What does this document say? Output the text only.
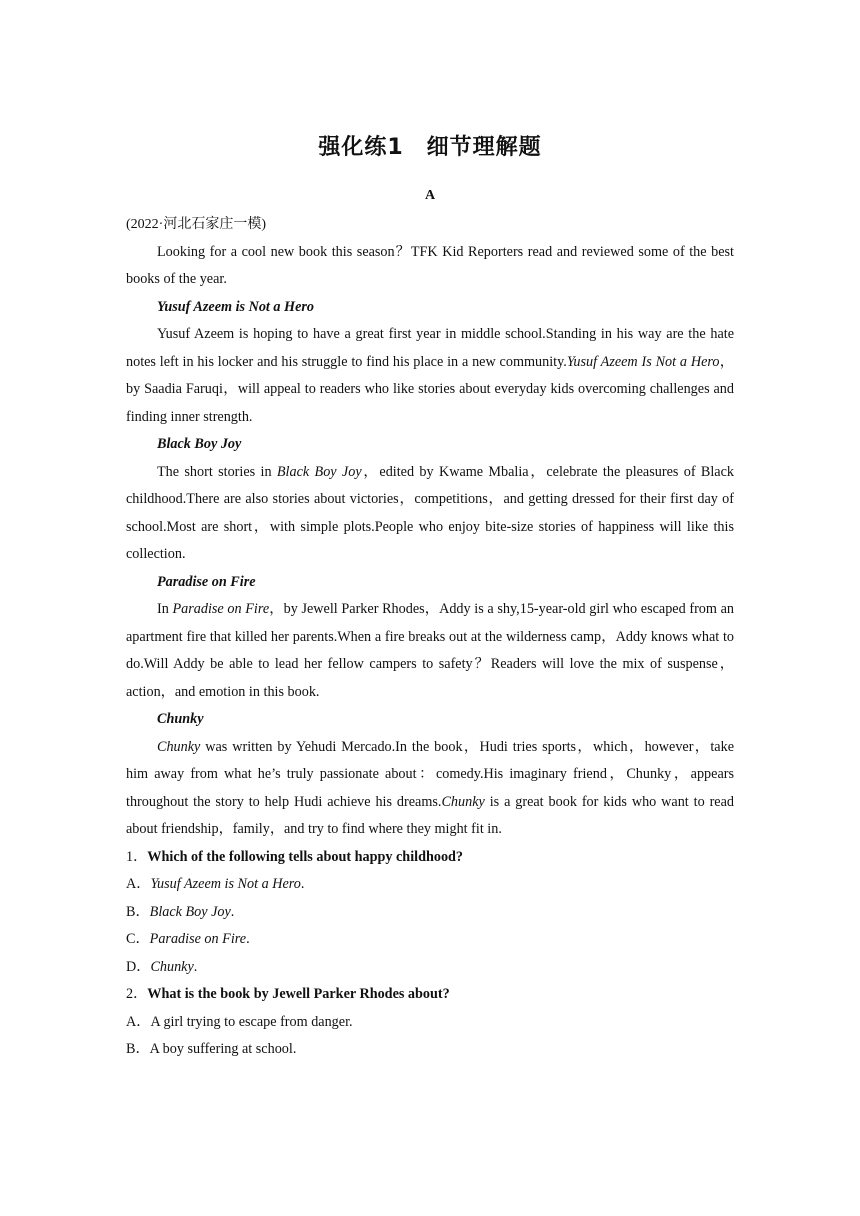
强化练1　细节理解题
A

(2022·河北石家庄一模)

Looking for a cool new book this season？TFK Kid Reporters read and reviewed some of the best books of the year.

Yusuf Azeem is Not a Hero

Yusuf Azeem is hoping to have a great first year in middle school.Standing in his way are the hate notes left in his locker and his struggle to find his place in a new community.Yusuf Azeem Is Not a Hero，by Saadia Faruqi，will appeal to readers who like stories about everyday kids overcoming challenges and finding inner strength.

Black Boy Joy

The short stories in Black Boy Joy，edited by Kwame Mbalia，celebrate the pleasures of Black childhood.There are also stories about victories，competitions，and getting dressed for their first day of school.Most are short，with simple plots.People who enjoy bite-size stories of happiness will like this collection.

Paradise on Fire

In Paradise on Fire，by Jewell Parker Rhodes，Addy is a shy,15-year-old girl who escaped from an apartment fire that killed her parents.When a fire breaks out at the wilderness camp，Addy knows what to do.Will Addy be able to lead her fellow campers to safety？Readers will love the mix of suspense，action，and emotion in this book.

Chunky

Chunky was written by Yehudi Mercado.In the book，Hudi tries sports，which，however，take him away from what he’s truly passionate about：comedy.His imaginary friend，Chunky，appears throughout the story to help Hudi achieve his dreams.Chunky is a great book for kids who want to read about friendship，family，and try to find where they might fit in.

1．Which of the following tells about happy childhood?

A．Yusuf Azeem is Not a Hero.

B．Black Boy Joy.

C．Paradise on Fire.

D．Chunky.

2．What is the book by Jewell Parker Rhodes about?

A．A girl trying to escape from danger.

B．A boy suffering at school.
